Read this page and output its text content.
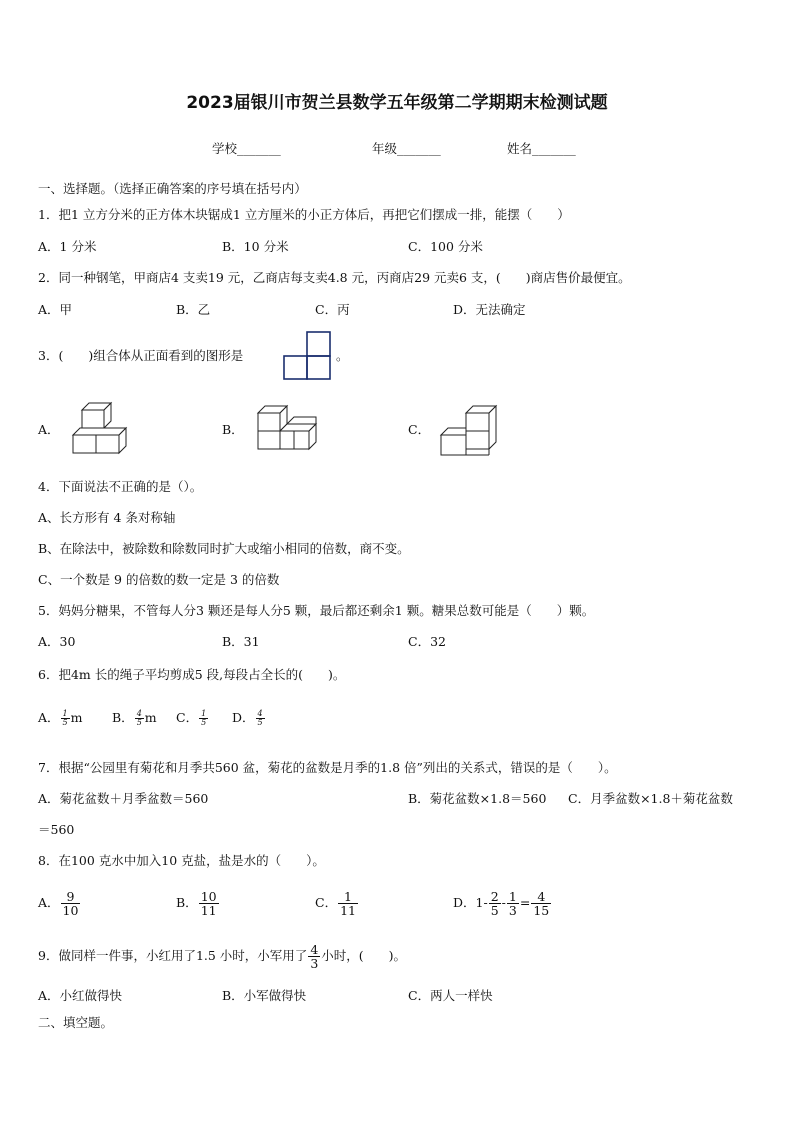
2023届银川市贺兰县数学五年级第二学期期末检测试题
学校_______	年级_______	姓名_______
一、选择题。（选择正确答案的序号填在括号内）
1．把1 立方分米的正方体木块锯成1 立方厘米的小正方体后，再把它们摆成一排，能摆（　　）
A．1 分米	B．10 分米	C．100 分米
2．同一种钢笔，甲商店4 支卖19 元，乙商店每支卖4.8 元，丙商店29 元卖6 支，(　　)商店售价最便宜。
A．甲	B．乙	C．丙	D．无法确定
3．(　　)组合体从正面看到的图形是	。
A．	B．	C．
4．下面说法不正确的是（）。
A、长方形有 4 条对称轴
B、在除法中，被除数和除数同时扩大或缩小相同的倍数，商不变。
C、一个数是 9 的倍数的数一定是 3 的倍数
5．妈妈分糖果，不管每人分3 颗还是每人分5 颗，最后都还剩余1 颗。糖果总数可能是（　　）颗。
A．30	B．31	C．32
6．把4m 长的绳子平均剪成5 段,每段占全长的(　　)。
A． $\frac{1}{5}$ m B． $\frac{4}{5}$ m C． $\frac{1}{5}$ D． $\frac{4}{5}$
7．根据“公园里有菊花和月季共560 盆，菊花的盆数是月季的1.8 倍”列出的关系式，错误的是（　　）。
A．菊花盆数＋月季盆数＝560	B．菊花盆数×1.8＝560 C．月季盆数×1.8＋菊花盆数
＝560
8．在100 克水中加入10 克盐，盐是水的（　　）。
A． $\frac{9}{10}$	B． $\frac{10}{11}$	C． $\frac{1}{11}$	D．$1- \frac{2}{5} - \frac{1}{3} = \frac{4}{15}$
9．做同样一件事，小红用了1.5 小时，小军用了 $\frac{4}{3}$ 小时，(　　)。
A．小红做得快	B．小军做得快	C．两人一样快
二、填空题。
